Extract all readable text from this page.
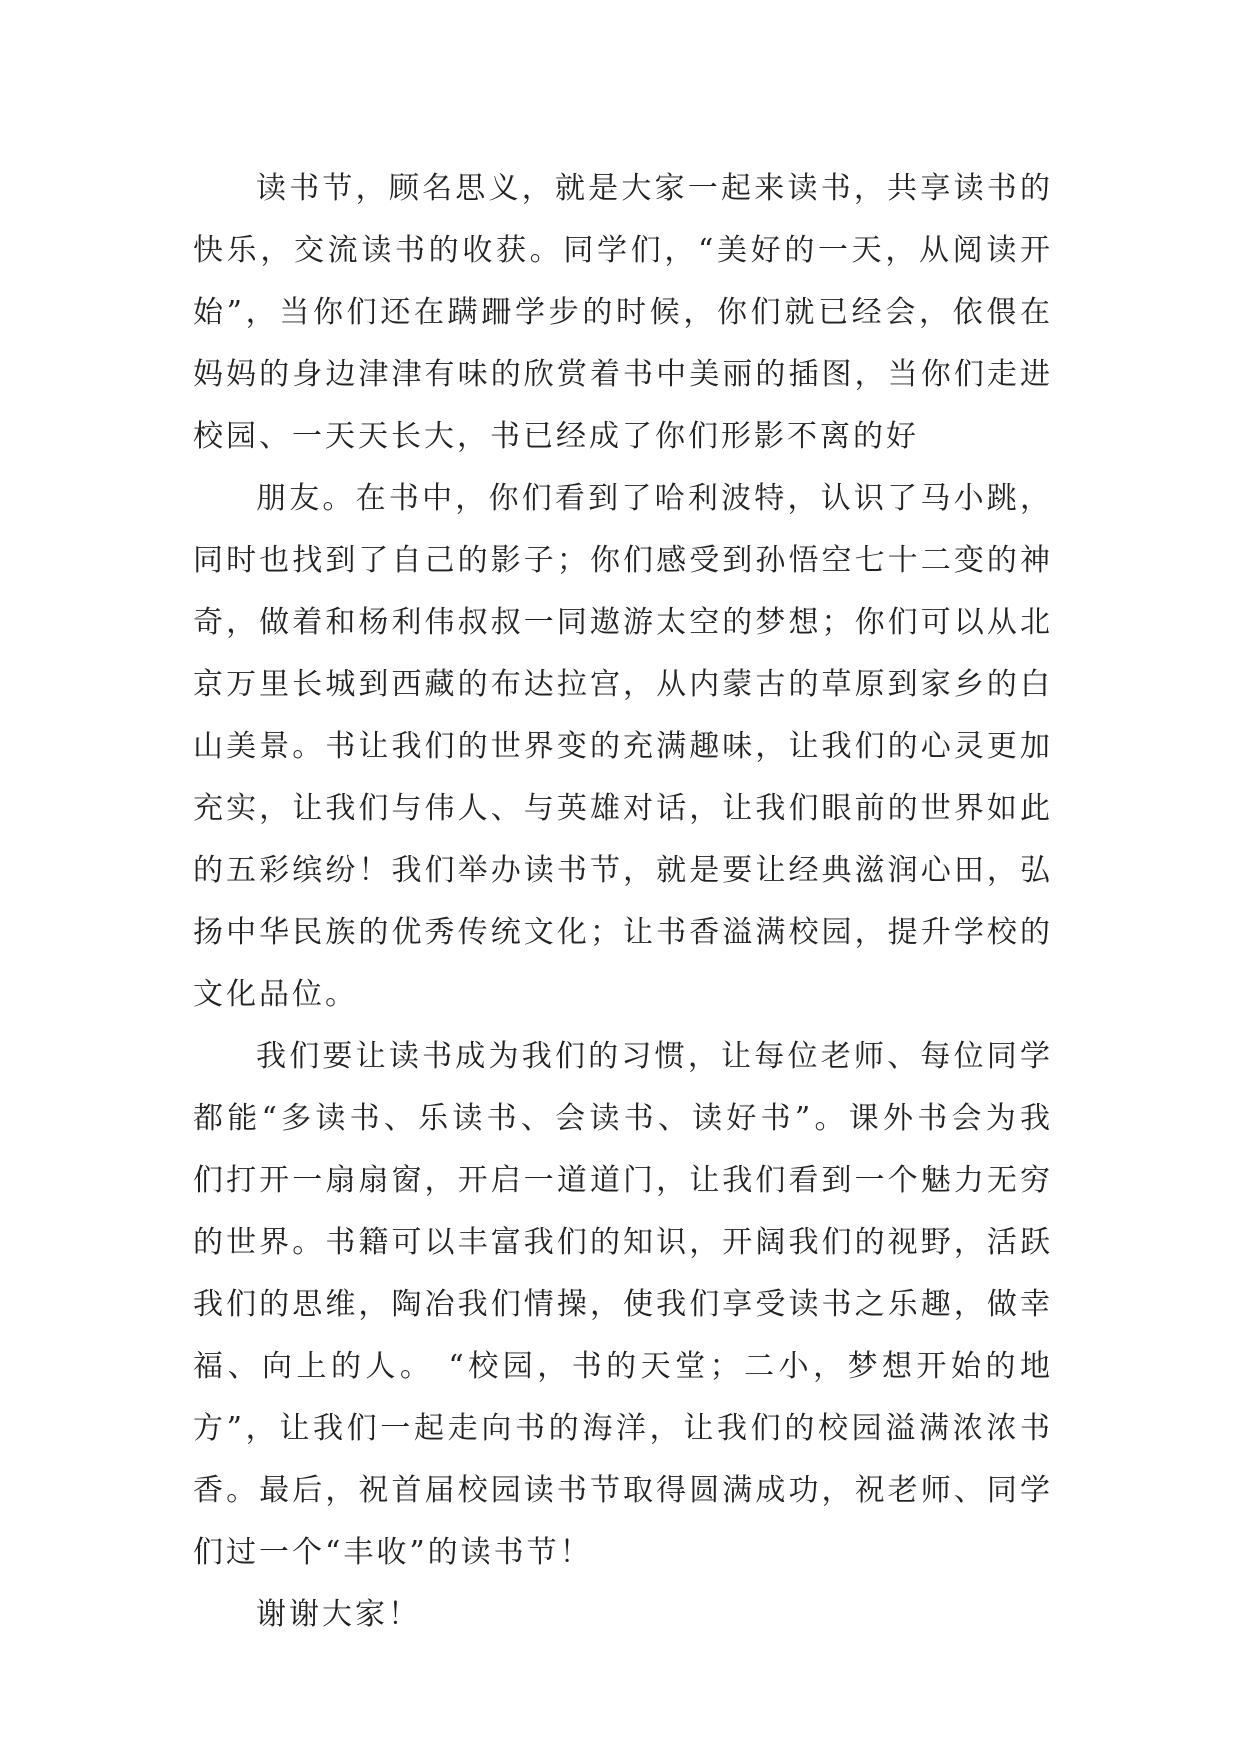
读书节，顾名思义，就是大家一起来读书，共享读书的快乐，交流读书的收获。同学们，“美好的一天，从阅读开始”，当你们还在蹒跚学步的时候，你们就已经会，依偎在妈妈的身边津津有味的欣赏着书中美丽的插图，当你们走进校园、一天天长大，书已经成了你们形影不离的好

朋友。在书中，你们看到了哈利波特，认识了马小跳，同时也找到了自己的影子；你们感受到孙悟空七十二变的神奇，做着和杨利伟叔叔一同遨游太空的梦想；你们可以从北京万里长城到西藏的布达拉宫，从内蒙古的草原到家乡的白山美景。书让我们的世界变的充满趣味，让我们的心灵更加充实，让我们与伟人、与英雄对话，让我们眼前的世界如此的五彩缤纷！我们举办读书节，就是要让经典滋润心田，弘扬中华民族的优秀传统文化；让书香溢满校园，提升学校的文化品位。

我们要让读书成为我们的习惯，让每位老师、每位同学都能“多读书、乐读书、会读书、读好书”。课外书会为我们打开一扇扇窗，开启一道道门，让我们看到一个魅力无穷的世界。书籍可以丰富我们的知识，开阔我们的视野，活跃我们的思维，陶冶我们情操，使我们享受读书之乐趣，做幸福、向上的人。 “校园，书的天堂；二小，梦想开始的地方”，让我们一起走向书的海洋，让我们的校园溢满浓浓书香。最后，祝首届校园读书节取得圆满成功，祝老师、同学们过一个“丰收”的读书节！

谢谢大家！
